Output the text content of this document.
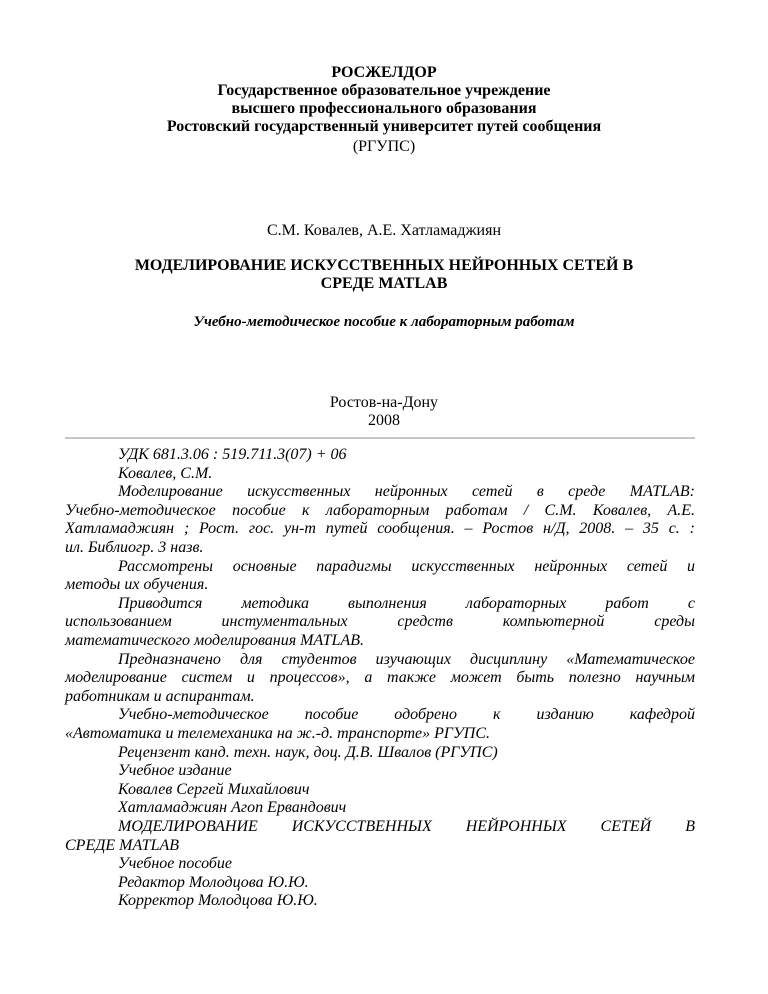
РОСЖЕЛДОР
Государственное образовательное учреждение
высшего профессионального образования
Ростовский государственный университет путей сообщения
(РГУПС)
С.М. Ковалев, А.Е. Хатламаджиян
МОДЕЛИРОВАНИЕ ИСКУССТВЕННЫХ НЕЙРОННЫХ СЕТЕЙ В
СРЕДЕ MATLAB
Учебно-методическое пособие к лабораторным работам
Ростов-на-Дону
2008
УДК 681.3.06 : 519.711.3(07) + 06
Ковалев, С.М.
Моделирование искусственных нейронных сетей в среде MATLAB:
Учебно-методическое пособие к лабораторным работам / С.М. Ковалев, А.Е.
Хатламаджиян ; Рост. гос. ун-т путей сообщения. – Ростов н/Д, 2008. – 35 с. :
ил. Библиогр. 3 назв.
Рассмотрены основные парадигмы искусственных нейронных сетей и
методы их обучения.
Приводится методика выполнения лабораторных работ с
использованием	инстументальных	средств	компьютерной	среды
математического моделирования MATLAB.
Предназначено для студентов изучающих дисциплину «Математическое
моделирование систем и процессов», а также может быть полезно научным
работникам и аспирантам.
Учебно-методическое пособие одобрено к изданию кафедрой
«Автоматика и телемеханика на ж.-д. транспорте» РГУПС.
Рецензент канд. техн. наук, доц. Д.В. Швалов (РГУПС)
Учебное издание
Ковалев Сергей Михайлович
Хатламаджиян Агоп Ервандович
МОДЕЛИРОВАНИЕ ИСКУССТВЕННЫХ НЕЙРОННЫХ СЕТЕЙ В
СРЕДЕ MATLAB
Учебное пособие
Редактор Молодцова Ю.Ю.
Корректор Молодцова Ю.Ю.
